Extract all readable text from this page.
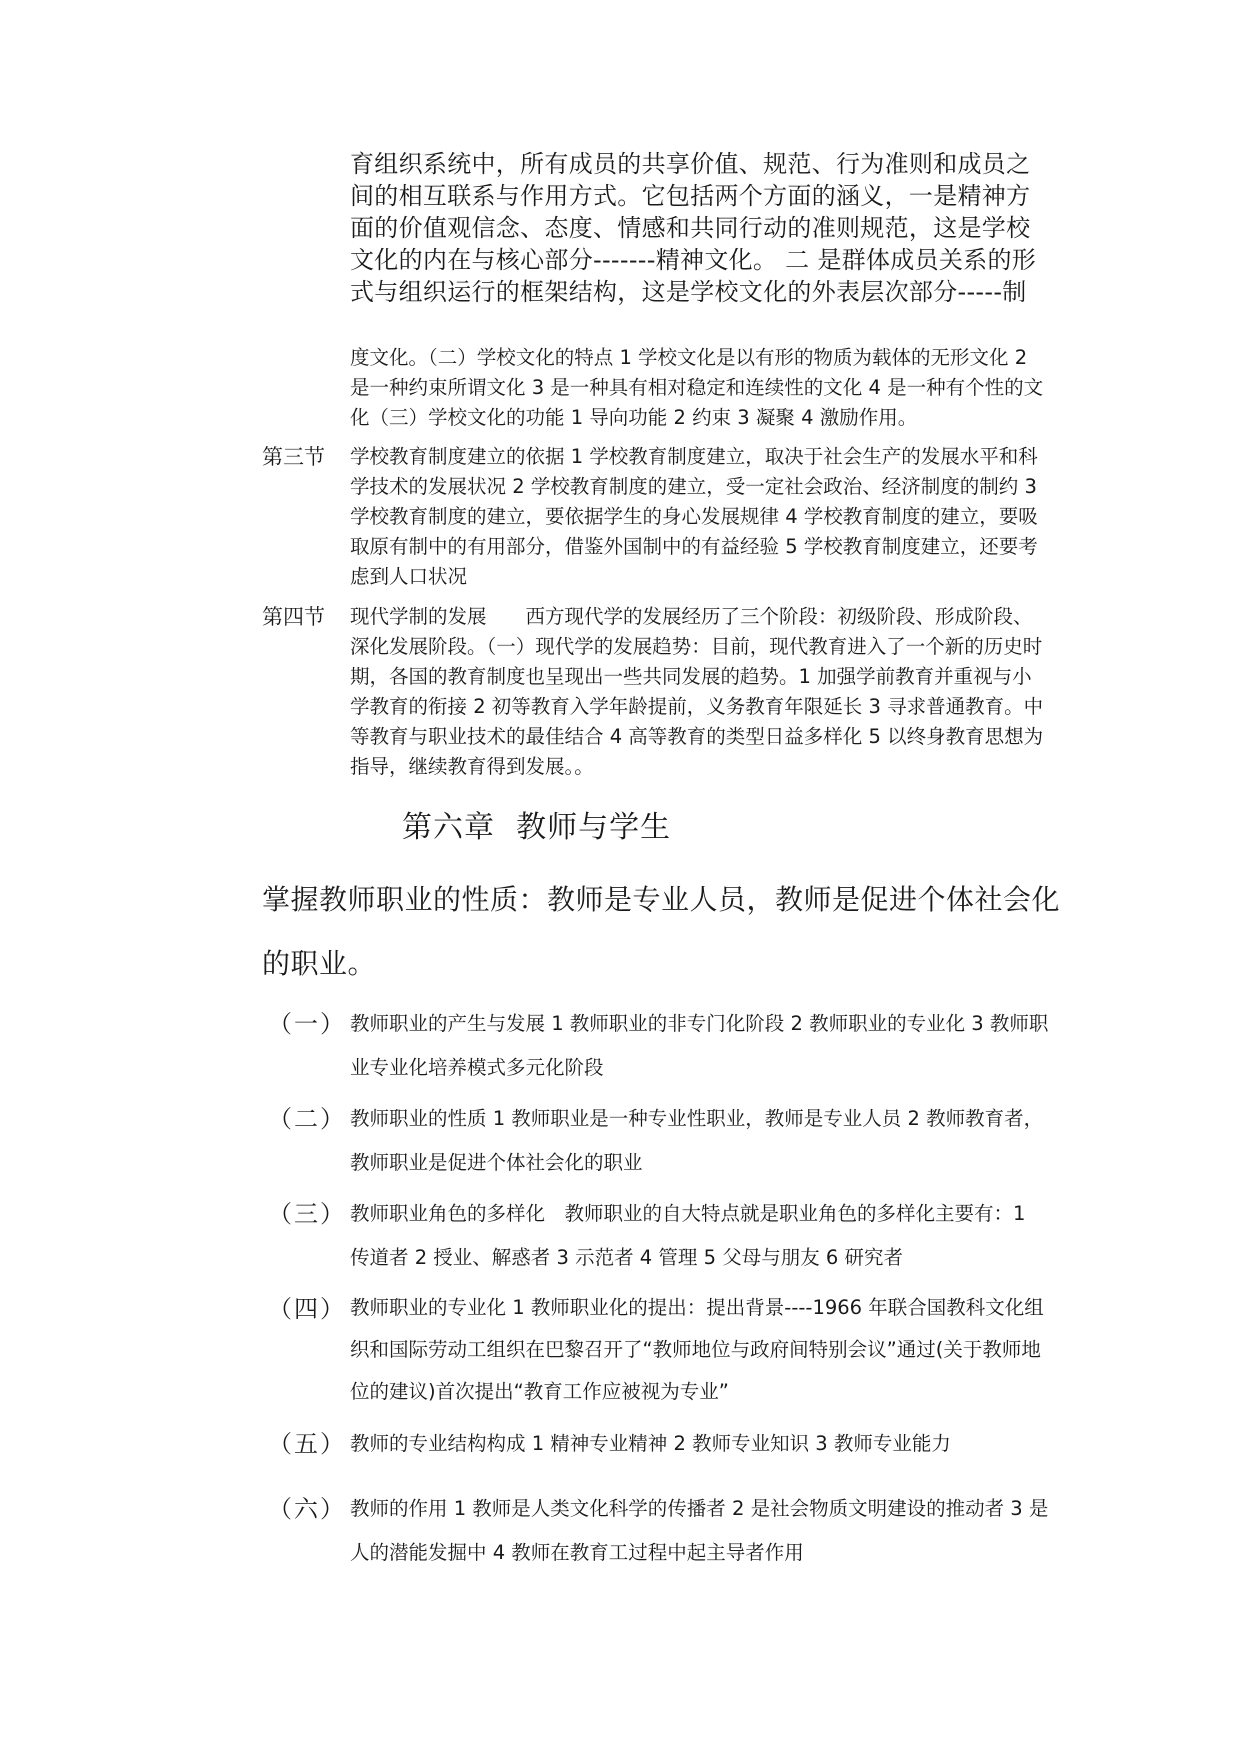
育组织系统中，所有成员的共享价值、规范、行为准则和成员之间的相互联系与作用方式。它包括两个方面的涵义，一是精神方面的价值观信念、态度、情感和共同行动的准则规范，这是学校文化的内在与核心部分-------精神文化。 二 是群体成员关系的形式与组织运行的框架结构，这是学校文化的外表层次部分-----制
度文化。（二）学校文化的特点 1 学校文化是以有形的物质为载体的无形文化 2 是一种约束所谓文化 3 是一种具有相对稳定和连续性的文化 4 是一种有个性的文化（三）学校文化的功能 1 导向功能 2 约束 3 凝聚 4 激励作用。
第三节	学校教育制度建立的依据 1 学校教育制度建立，取决于社会生产的发展水平和科学技术的发展状况 2 学校教育制度的建立，受一定社会政治、经济制度的制约 3 学校教育制度的建立，要依据学生的身心发展规律 4 学校教育制度的建立，要吸取原有制中的有用部分，借鉴外国制中的有益经验 5 学校教育制度建立，还要考虑到人口状况
第四节	现代学制的发展　　西方现代学的发展经历了三个阶段：初级阶段、形成阶段、深化发展阶段。（一）现代学的发展趋势：目前，现代教育进入了一个新的历史时期，各国的教育制度也呈现出一些共同发展的趋势。1 加强学前教育并重视与小学教育的衔接 2 初等教育入学年龄提前，义务教育年限延长 3 寻求普通教育。中等教育与职业技术的最佳结合 4 高等教育的类型日益多样化 5 以终身教育思想为指导，继续教育得到发展。。
第六章  教师与学生
掌握教师职业的性质：教师是专业人员，教师是促进个体社会化的职业。
（一） 教师职业的产生与发展 1 教师职业的非专门化阶段 2 教师职业的专业化 3 教师职业专业化培养模式多元化阶段
（二） 教师职业的性质 1 教师职业是一种专业性职业，教师是专业人员 2 教师教育者，教师职业是促进个体社会化的职业
（三） 教师职业角色的多样化　教师职业的自大特点就是职业角色的多样化主要有：1 传道者 2 授业、解惑者 3 示范者 4 管理 5 父母与朋友 6 研究者
（四） 教师职业的专业化 1 教师职业化的提出：提出背景----1966 年联合国教科文化组织和国际劳动工组织在巴黎召开了“教师地位与政府间特别会议”通过(关于教师地位的建议)首次提出“教育工作应被视为专业”
（五） 教师的专业结构构成 1 精神专业精神 2 教师专业知识 3 教师专业能力
（六） 教师的作用 1 教师是人类文化科学的传播者 2 是社会物质文明建设的推动者 3 是人的潜能发掘中 4 教师在教育工过程中起主导者作用
